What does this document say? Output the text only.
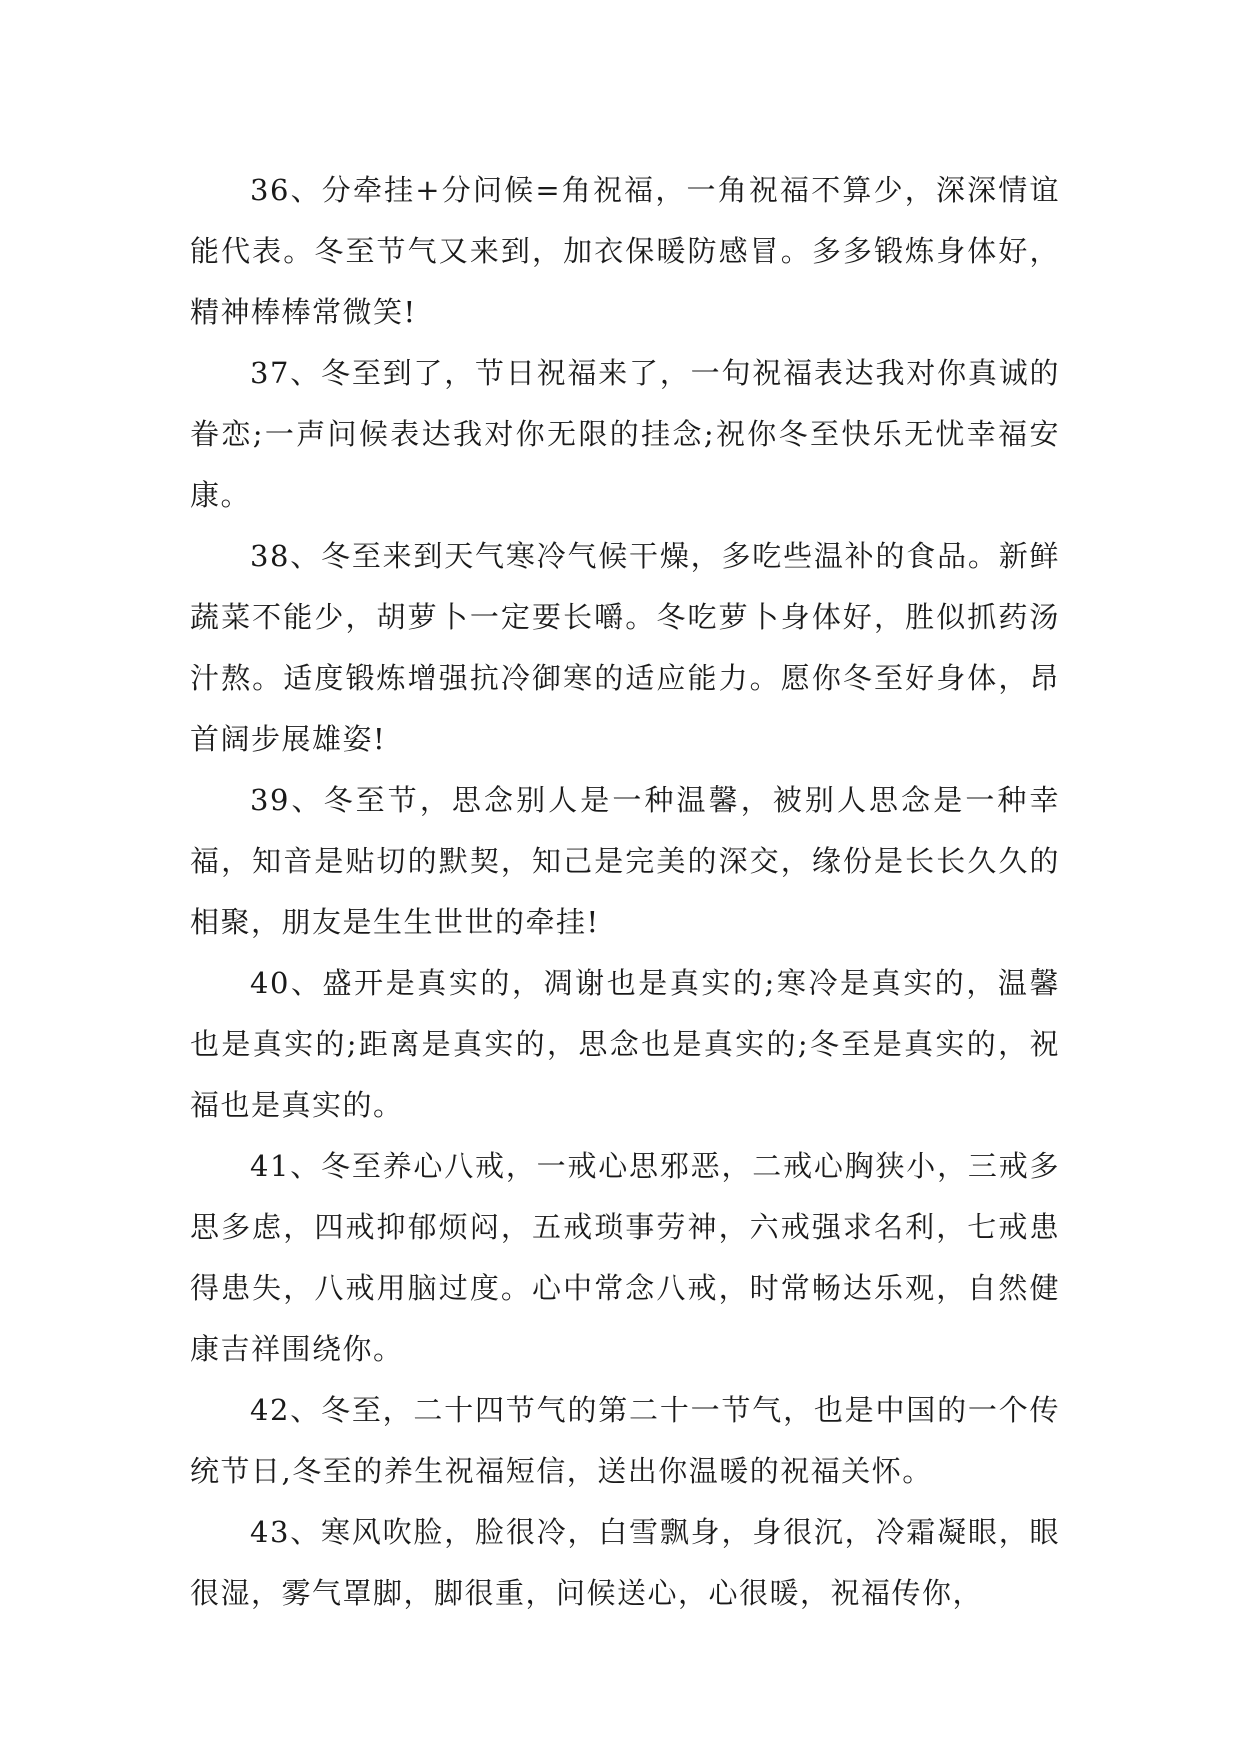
36、分牵挂+分问候=角祝福，一角祝福不算少，深深情谊能代表。冬至节气又来到，加衣保暖防感冒。多多锻炼身体好，精神棒棒常微笑!

37、冬至到了，节日祝福来了，一句祝福表达我对你真诚的眷恋;一声问候表达我对你无限的挂念;祝你冬至快乐无忧幸福安康。

38、冬至来到天气寒冷气候干燥，多吃些温补的食品。新鲜蔬菜不能少，胡萝卜一定要长嚼。冬吃萝卜身体好，胜似抓药汤汁熬。适度锻炼增强抗冷御寒的适应能力。愿你冬至好身体，昂首阔步展雄姿!

39、冬至节，思念别人是一种温馨，被别人思念是一种幸福，知音是贴切的默契，知己是完美的深交，缘份是长长久久的相聚，朋友是生生世世的牵挂!

40、盛开是真实的，凋谢也是真实的;寒冷是真实的，温馨也是真实的;距离是真实的，思念也是真实的;冬至是真实的，祝福也是真实的。

41、冬至养心八戒，一戒心思邪恶，二戒心胸狭小，三戒多思多虑，四戒抑郁烦闷，五戒琐事劳神，六戒强求名利，七戒患得患失，八戒用脑过度。心中常念八戒，时常畅达乐观，自然健康吉祥围绕你。

42、冬至，二十四节气的第二十一节气，也是中国的一个传统节日,冬至的养生祝福短信，送出你温暖的祝福关怀。

43、寒风吹脸，脸很冷，白雪飘身，身很沉，冷霜凝眼，眼很湿，雾气罩脚，脚很重，问候送心，心很暖，祝福传你，
